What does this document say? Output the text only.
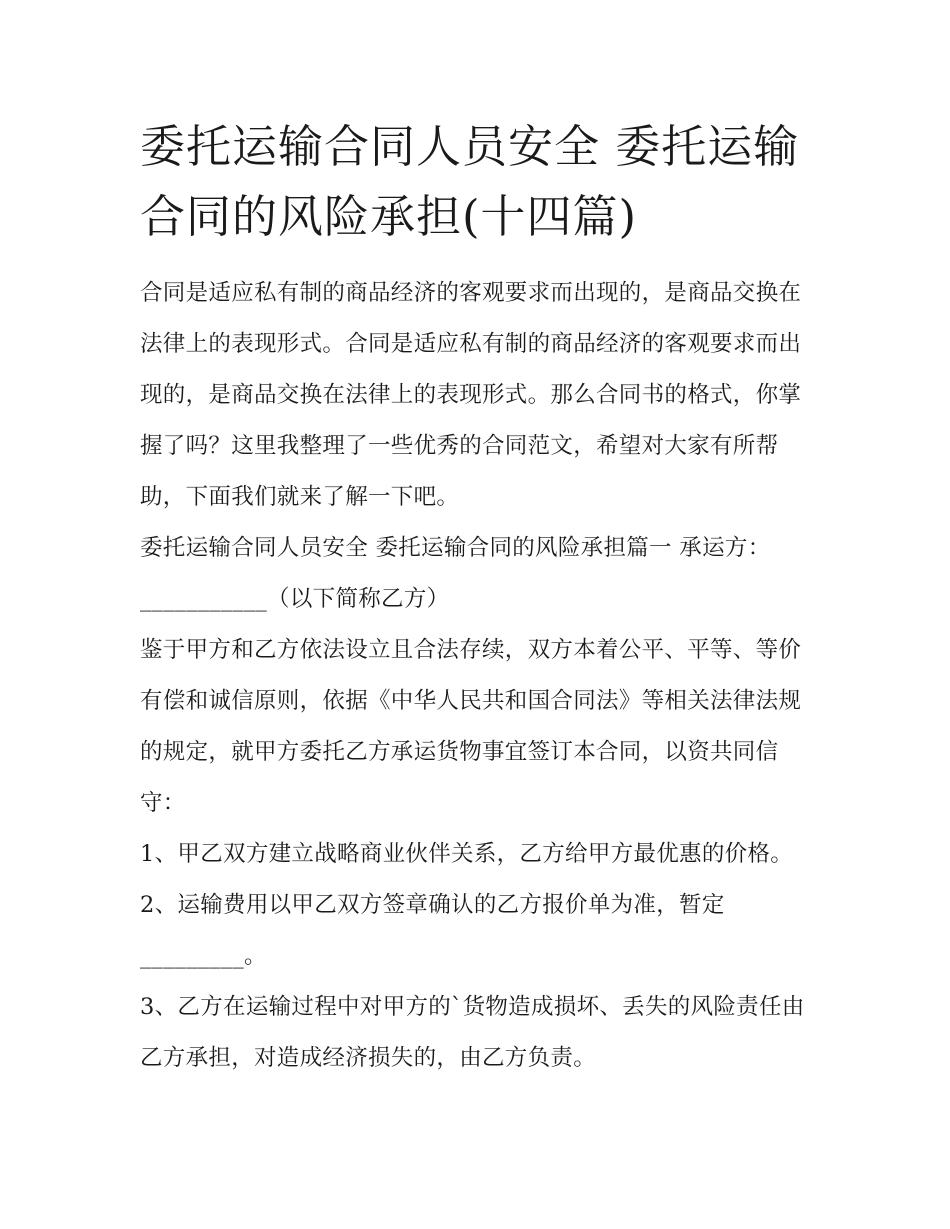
委托运输合同人员安全 委托运输合同的风险承担(十四篇)

合同是适应私有制的商品经济的客观要求而出现的，是商品交换在法律上的表现形式。合同是适应私有制的商品经济的客观要求而出现的，是商品交换在法律上的表现形式。那么合同书的格式，你掌握了吗？这里我整理了一些优秀的合同范文，希望对大家有所帮助，下面我们就来了解一下吧。

委托运输合同人员安全 委托运输合同的风险承担篇一 承运方：___________（以下简称乙方）

鉴于甲方和乙方依法设立且合法存续，双方本着公平、平等、等价有偿和诚信原则，依据《中华人民共和国合同法》等相关法律法规的规定，就甲方委托乙方承运货物事宜签订本合同，以资共同信守：

1、甲乙双方建立战略商业伙伴关系，乙方给甲方最优惠的价格。 2、运输费用以甲乙双方签章确认的乙方报价单为准，暂定_________。

3、乙方在运输过程中对甲方的`货物造成损坏、丢失的风险责任由乙方承担，对造成经济损失的，由乙方负责。
